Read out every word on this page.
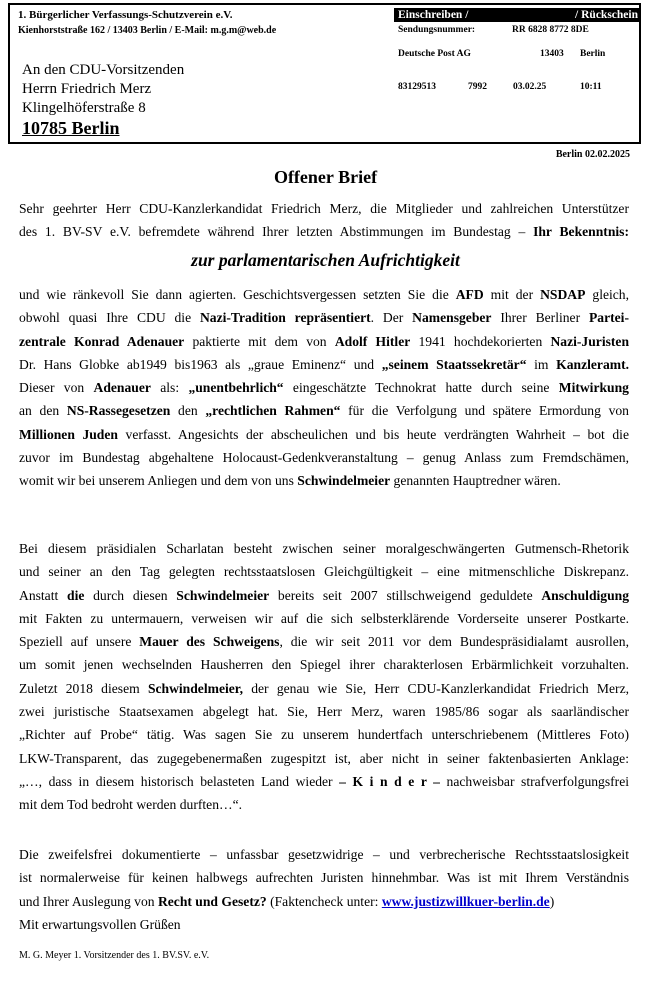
1. Bürgerlicher Verfassungs-Schutzverein e.V.
Kienhorststraße 162 / 13403 Berlin / E-Mail: m.g.m@web.de
An den CDU-Vorsitzenden
Herrn Friedrich Merz
Klingelhöferstraße 8
10785 Berlin
Einschreiben /	/ Rückschein
Sendungsnummer:	RR 6828 8772 8DE
Deutsche Post AG	13403 Berlin
83129513	7992	03.02.25	10:11
Berlin 02.02.2025
Offener Brief
Sehr geehrter Herr CDU-Kanzlerkandidat Friedrich Merz, die Mitglieder und zahlreichen Unterstützer
des 1. BV-SV e.V. befremdete während Ihrer letzten Abstimmungen im Bundestag – Ihr Bekenntnis:
zur parlamentarischen Aufrichtigkeit
und wie ränkevoll Sie dann agierten. Geschichtsvergessen setzten Sie die AFD mit der NSDAP gleich,
obwohl quasi Ihre CDU die Nazi-Tradition repräsentiert. Der Namensgeber Ihrer Berliner Partei-
zentrale Konrad Adenauer paktierte mit dem von Adolf Hitler 1941 hochdekorierten Nazi-Juristen
Dr. Hans Globke ab1949 bis1963 als „graue Eminenz“ und „seinem Staatssekretär“ im Kanzleramt.
Dieser von Adenauer als: „unentbehrlich“ eingeschätzte Technokrat hatte durch seine Mitwirkung
an den NS-Rassegesetzen den „rechtlichen Rahmen“ für die Verfolgung und spätere Ermordung von
Millionen Juden verfasst. Angesichts der abscheulichen und bis heute verdrängten Wahrheit – bot die
zuvor im Bundestag abgehaltene Holocaust-Gedenkveranstaltung – genug Anlass zum Fremdschämen,
womit wir bei unserem Anliegen und dem von uns Schwindelmeier genannten Hauptredner wären.
Bei diesem präsidialen Scharlatan besteht zwischen seiner moralgeschwängerten Gutmensch-Rhetorik
und seiner an den Tag gelegten rechtsstaatslosen Gleichgültigkeit – eine mitmenschliche Diskrepanz.
Anstatt die durch diesen Schwindelmeier bereits seit 2007 stillschweigend geduldete Anschuldigung
mit Fakten zu untermauern, verweisen wir auf die sich selbsterklärende Vorderseite unserer Postkarte.
Speziell auf unsere Mauer des Schweigens, die wir seit 2011 vor dem Bundespräsidialamt ausrollen,
um somit jenen wechselnden Hausherren den Spiegel ihrer charakterlosen Erbärmlichkeit vorzuhalten.
Zuletzt 2018 diesem Schwindelmeier, der genau wie Sie, Herr CDU-Kanzlerkandidat Friedrich Merz,
zwei juristische Staatsexamen abgelegt hat. Sie, Herr Merz, waren 1985/86 sogar als saarländischer
„Richter auf Probe“ tätig. Was sagen Sie zu unserem hundertfach unterschriebenem (Mittleres Foto)
LKW-Transparent, das zugegebenermaßen zugespitzt ist, aber nicht in seiner faktenbasierten Anklage:
„…, dass in diesem historisch belasteten Land wieder – K i n d e r – nachweisbar strafverfolgungsfrei
mit dem Tod bedroht werden durften…“.
Die zweifelsfrei dokumentierte – unfassbar gesetzwidrige – und verbrecherische Rechtsstaatslosigkeit
ist normalerweise für keinen halbwegs aufrechten Juristen hinnehmbar. Was ist mit Ihrem Verständnis
und Ihrer Auslegung von Recht und Gesetz? (Faktencheck unter: www.justizwillkuer-berlin.de)
Mit erwartungsvollen Grüßen
M. G. Meyer 1. Vorsitzender des 1. BV.SV. e.V.
